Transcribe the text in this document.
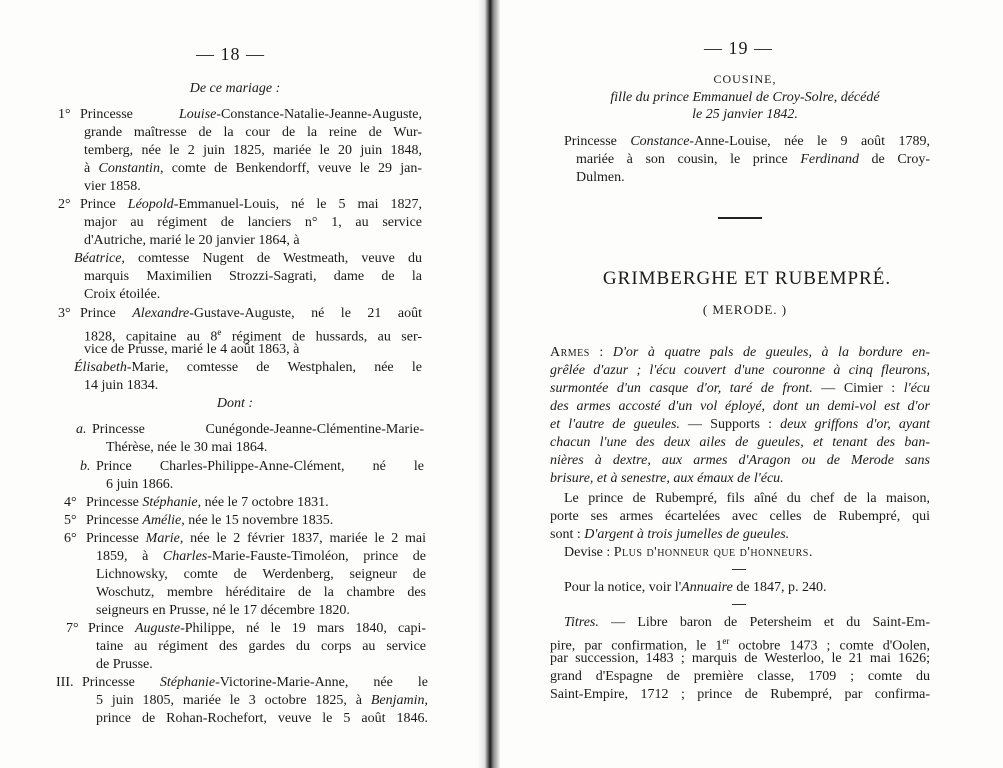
— 18 —
De ce mariage :
1° Princesse Louise-Constance-Natalie-Jeanne-Auguste,
grande maîtresse de la cour de la reine de Wur-
temberg, née le 2 juin 1825, mariée le 20 juin 1848,
à Constantin, comte de Benkendorff, veuve le 29 jan-
vier 1858.
2° Prince Léopold-Emmanuel-Louis, né le 5 mai 1827,
major au régiment de lanciers n° 1, au service
d'Autriche, marié le 20 janvier 1864, à
Béatrice, comtesse Nugent de Westmeath, veuve du
marquis Maximilien Strozzi-Sagrati, dame de la
Croix étoilée.
3° Prince Alexandre-Gustave-Auguste, né le 21 août
1828, capitaine au 8e régiment de hussards, au ser-
vice de Prusse, marié le 4 août 1863, à
Élisabeth-Marie, comtesse de Westphalen, née le
14 juin 1834.
Dont :
a. Princesse Cunégonde-Jeanne-Clémentine-Marie-
Thérèse, née le 30 mai 1864.
b. Prince Charles-Philippe-Anne-Clément, né le
6 juin 1866.
4° Princesse Stéphanie, née le 7 octobre 1831.
5° Princesse Amélie, née le 15 novembre 1835.
6° Princesse Marie, née le 2 février 1837, mariée le 2 mai
1859, à Charles-Marie-Fauste-Timoléon, prince de
Lichnowsky, comte de Werdenberg, seigneur de
Woschutz, membre héréditaire de la chambre des
seigneurs en Prusse, né le 17 décembre 1820.
7° Prince Auguste-Philippe, né le 19 mars 1840, capi-
taine au régiment des gardes du corps au service
de Prusse.
III. Princesse Stéphanie-Victorine-Marie-Anne, née le
5 juin 1805, mariée le 3 octobre 1825, à Benjamin,
prince de Rohan-Rochefort, veuve le 5 août 1846.
— 19 —
COUSINE,
fille du prince Emmanuel de Croy-Solre, décédé
le 25 janvier 1842.
Princesse Constance-Anne-Louise, née le 9 août 1789,
mariée à son cousin, le prince Ferdinand de Croy-
Dulmen.
GRIMBERGHE ET RUBEMPRÉ.
( MERODE. )
Armes : D'or à quatre pals de gueules, à la bordure en-
grêlée d'azur ; l'écu couvert d'une couronne à cinq fleurons,
surmontée d'un casque d'or, taré de front. — Cimier : l'écu
des armes accosté d'un vol éployé, dont un demi-vol est d'or
et l'autre de gueules. — Supports : deux griffons d'or, ayant
chacun l'une des deux ailes de gueules, et tenant des ban-
nières à dextre, aux armes d'Aragon ou de Merode sans
brisure, et à senestre, aux émaux de l'écu.
Le prince de Rubempré, fils aîné du chef de la maison,
porte ses armes écartelées avec celles de Rubempré, qui
sont : D'argent à trois jumelles de gueules.
Devise : Plus d'honneur que d'honneurs.
Pour la notice, voir l'Annuaire de 1847, p. 240.
Titres. — Libre baron de Petersheim et du Saint-Em-
pire, par confirmation, le 1er octobre 1473 ; comte d'Oolen,
par succession, 1483 ; marquis de Westerloo, le 21 mai 1626;
grand d'Espagne de première classe, 1709 ; comte du
Saint-Empire, 1712 ; prince de Rubempré, par confirma-
